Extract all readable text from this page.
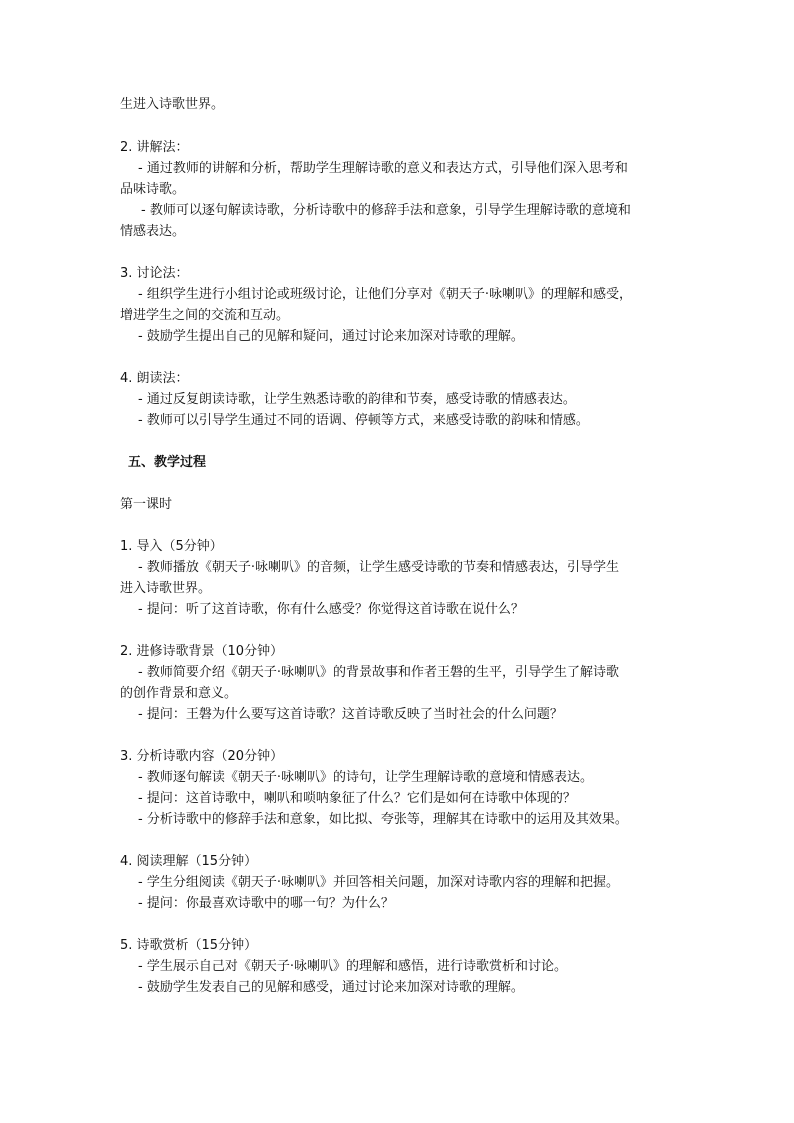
生进入诗歌世界。
2. 讲解法：
- 通过教师的讲解和分析，帮助学生理解诗歌的意义和表达方式，引导他们深入思考和
品味诗歌。
- 教师可以逐句解读诗歌，分析诗歌中的修辞手法和意象，引导学生理解诗歌的意境和
情感表达。
3. 讨论法：
- 组织学生进行小组讨论或班级讨论，让他们分享对《朝天子·咏喇叭》的理解和感受，
增进学生之间的交流和互动。
- 鼓励学生提出自己的见解和疑问，通过讨论来加深对诗歌的理解。
4. 朗读法：
- 通过反复朗读诗歌，让学生熟悉诗歌的韵律和节奏，感受诗歌的情感表达。
- 教师可以引导学生通过不同的语调、停顿等方式，来感受诗歌的韵味和情感。
五、教学过程
第一课时
1. 导入（5分钟）
- 教师播放《朝天子·咏喇叭》的音频，让学生感受诗歌的节奏和情感表达，引导学生
进入诗歌世界。
- 提问：听了这首诗歌，你有什么感受？你觉得这首诗歌在说什么？
2. 进修诗歌背景（10分钟）
- 教师简要介绍《朝天子·咏喇叭》的背景故事和作者王磐的生平，引导学生了解诗歌
的创作背景和意义。
- 提问：王磐为什么要写这首诗歌？这首诗歌反映了当时社会的什么问题？
3. 分析诗歌内容（20分钟）
- 教师逐句解读《朝天子·咏喇叭》的诗句，让学生理解诗歌的意境和情感表达。
- 提问：这首诗歌中，喇叭和唢呐象征了什么？它们是如何在诗歌中体现的？
- 分析诗歌中的修辞手法和意象，如比拟、夸张等，理解其在诗歌中的运用及其效果。
4. 阅读理解（15分钟）
- 学生分组阅读《朝天子·咏喇叭》并回答相关问题，加深对诗歌内容的理解和把握。
- 提问：你最喜欢诗歌中的哪一句？为什么？
5. 诗歌赏析（15分钟）
- 学生展示自己对《朝天子·咏喇叭》的理解和感悟，进行诗歌赏析和讨论。
- 鼓励学生发表自己的见解和感受，通过讨论来加深对诗歌的理解。
